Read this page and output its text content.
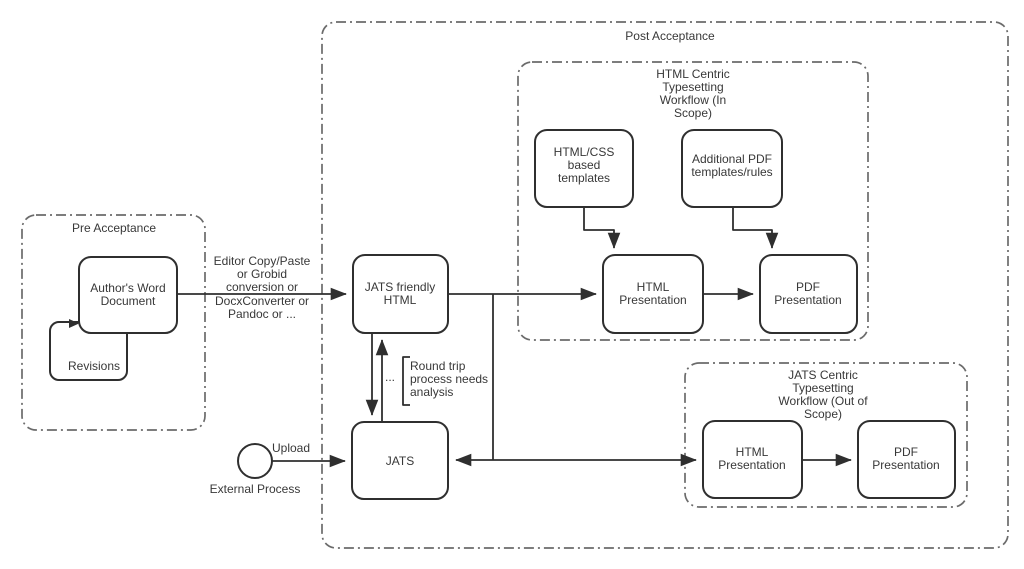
Post Acceptance
Pre Acceptance
HTML Centric
Typesetting
Workflow (In
Scope)
JATS Centric
Typesetting
Workflow (Out of
Scope)
Author's Word
Document
Revisions
JATS friendly
HTML
JATS
HTML/CSS
based
templates
Additional PDF
templates/rules
HTML
Presentation
PDF
Presentation
HTML
Presentation
PDF
Presentation
External Process
Editor Copy/Paste
or Grobid
conversion or
DocxConverter or
Pandoc or ...
Upload
...
Round trip
process needs
analysis
